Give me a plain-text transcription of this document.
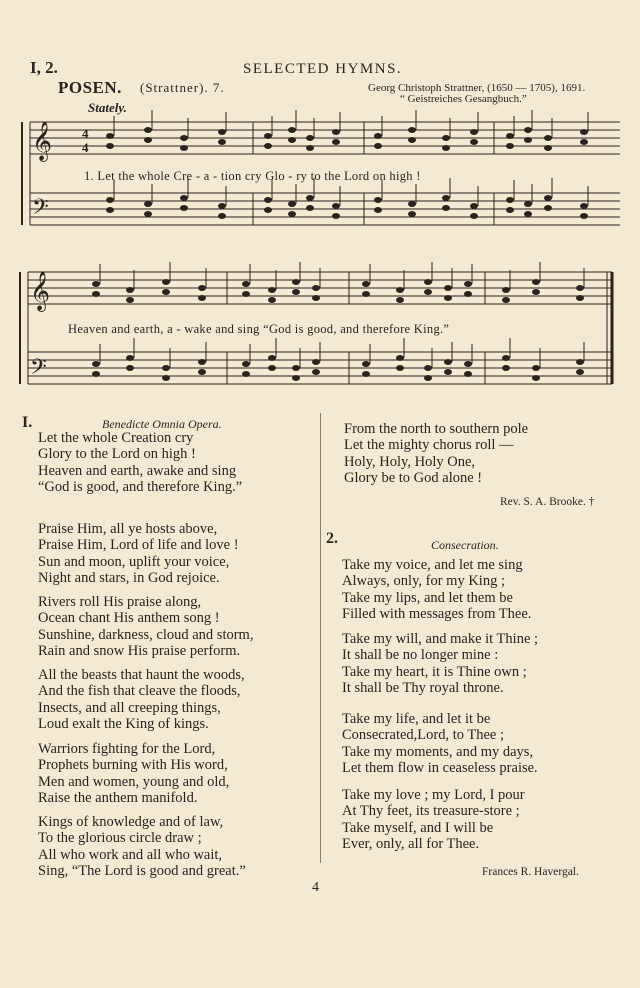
I, 2.	SELECTED HYMNS.
POSEN. (Strattner). 7.	Georg Christoph Strattner, (1650 — 1705), 1691.
“ Geistreiches Gesangbuch.”
Stately.
𝄞
𝄢
4
4
𝄞
𝄢
1. Let the whole Cre - a - tion cry Glo - ry to the Lord on high !
Heaven and earth, a - wake and sing “God is good, and therefore King.”
I.	Benedicte Omnia Opera.
Let the whole Creation cry
Glory to the Lord on high !
Heaven and earth, awake and sing
“God is good, and therefore King.”
Praise Him, all ye hosts above,
Praise Him, Lord of life and love !
Sun and moon, uplift your voice,
Night and stars, in God rejoice.
Rivers roll His praise along,
Ocean chant His anthem song !
Sunshine, darkness, cloud and storm,
Rain and snow His praise perform.
All the beasts that haunt the woods,
And the fish that cleave the floods,
Insects, and all creeping things,
Loud exalt the King of kings.
Warriors fighting for the Lord,
Prophets burning with His word,
Men and women, young and old,
Raise the anthem manifold.
Kings of knowledge and of law,
To the glorious circle draw ;
All who work and all who wait,
Sing, “The Lord is good and great.”
From the north to southern pole
Let the mighty chorus roll —
Holy, Holy, Holy One,
Glory be to God alone !
Rev. S. A. Brooke. †
2.	Consecration.
Take my voice, and let me sing
Always, only, for my King ;
Take my lips, and let them be
Filled with messages from Thee.
Take my will, and make it Thine ;
It shall be no longer mine :
Take my heart, it is Thine own ;
It shall be Thy royal throne.
Take my life, and let it be
Consecrated,Lord, to Thee ;
Take my moments, and my days,
Let them flow in ceaseless praise.
Take my love ; my Lord, I pour
At Thy feet, its treasure-store ;
Take myself, and I will be
Ever, only, all for Thee.
Frances R. Havergal.
4
